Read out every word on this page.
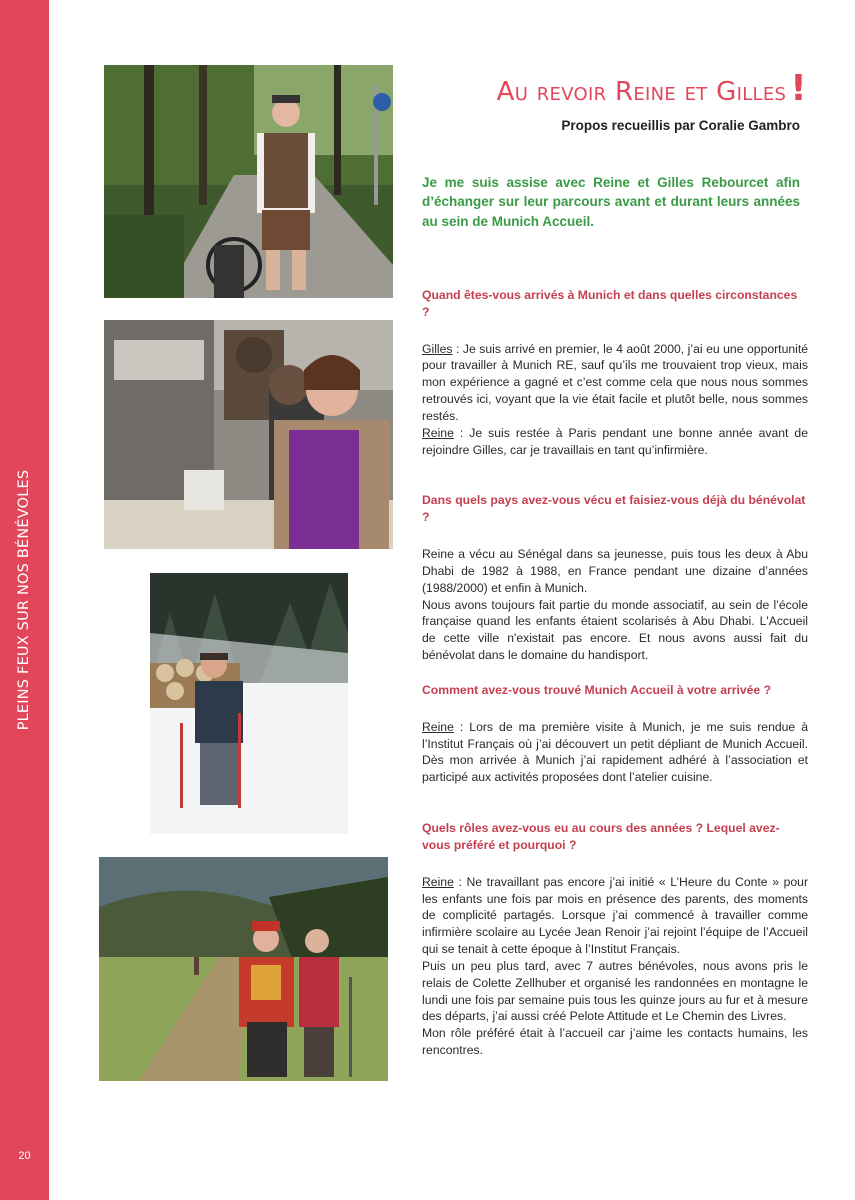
PLEINS FEUX SUR NOS BÉNÉVOLES
20
Au revoir Reine et Gilles !
Propos recueillis par Coralie Gambro

Je me suis assise avec Reine et Gilles Rebourcet afin d’échanger sur leur parcours avant et durant leurs années au sein de Munich Accueil.

Quand êtes-vous arrivés à Munich et dans quelles circonstances ?

Gilles : Je suis arrivé en premier, le 4 août 2000, j’ai eu une opportunité pour travailler à Munich RE, sauf qu’ils me trouvaient trop vieux, mais mon expérience a gagné et c’est comme cela que nous nous sommes retrouvés ici, voyant que la vie était facile et plutôt belle, nous sommes restés.

Reine : Je suis restée à Paris pendant une bonne année avant de rejoindre Gilles, car je travaillais en tant qu’infirmière.

Dans quels pays avez-vous vécu et faisiez-vous déjà du bénévolat ?

Reine a vécu au Sénégal dans sa jeunesse, puis tous les deux à Abu Dhabi de 1982 à 1988, en France pendant une dizaine d’années (1988/2000) et enfin à Munich.

Nous avons toujours fait partie du monde associatif, au sein de l’école française quand les enfants étaient scolarisés à Abu Dhabi. L'Accueil de cette ville n'existait pas encore. Et nous avons aussi fait du bénévolat dans le domaine du handisport.

Comment avez-vous trouvé Munich Accueil à votre arrivée ?

Reine : Lors de ma première visite à Munich, je me suis rendue à l’Institut Français où j’ai découvert un petit dépliant de Munich Accueil. Dès mon arrivée à Munich j’ai rapidement adhéré à l’association et participé aux activités proposées dont l’atelier cuisine.

Quels rôles avez-vous eu au cours des années ? Lequel avez-vous préféré et pourquoi ?

Reine : Ne travaillant pas encore j’ai initié « L’Heure du Conte » pour les enfants une fois par mois en présence des parents, des moments de complicité partagés. Lorsque j’ai commencé à travailler comme infirmière scolaire au Lycée Jean Renoir j’ai rejoint l’équipe de l’Accueil qui se tenait à cette époque à l’Institut Français.

Puis un peu plus tard, avec 7 autres bénévoles, nous avons pris le relais de Colette Zellhuber et organisé les randonnées en montagne le lundi une fois par semaine puis tous les quinze jours au fur et à mesure des départs, j’ai aussi créé Pelote Attitude et Le Chemin des Livres.

Mon rôle préféré était à l’accueil car j’aime les contacts humains, les rencontres.
